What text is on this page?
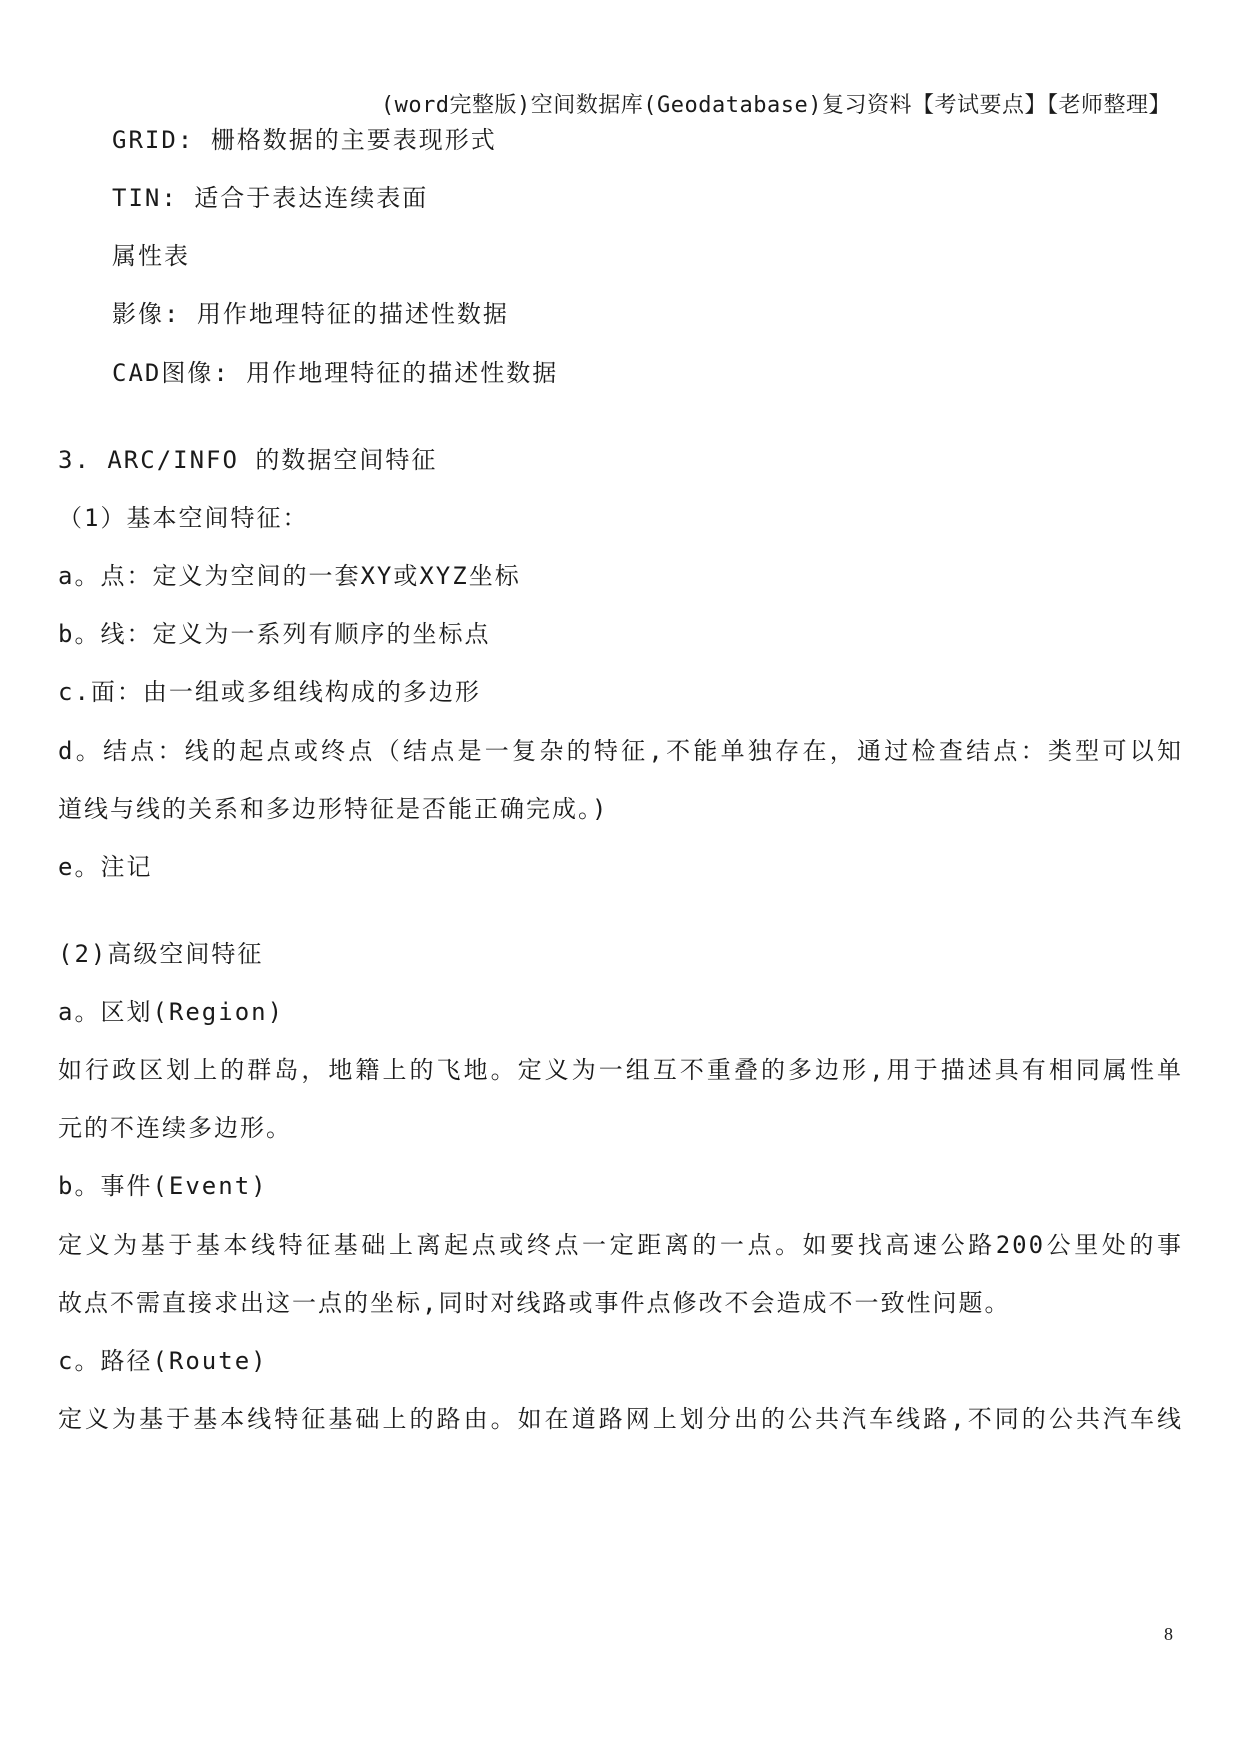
(word完整版)空间数据库(Geodatabase)复习资料【考试要点】【老师整理】
GRID: 栅格数据的主要表现形式
TIN: 适合于表达连续表面
属性表
影像: 用作地理特征的描述性数据
CAD图像: 用作地理特征的描述性数据
3. ARC/INFO 的数据空间特征
（1）基本空间特征：
a。点：定义为空间的一套XY或XYZ坐标
b。线：定义为一系列有顺序的坐标点
c.面：由一组或多组线构成的多边形
d。结点：线的起点或终点（结点是一复杂的特征,不能单独存在，通过检查结点：类型可以知
道线与线的关系和多边形特征是否能正确完成。)
e。注记
(2)高级空间特征
a。区划(Region)
如行政区划上的群岛，地籍上的飞地。定义为一组互不重叠的多边形,用于描述具有相同属性单
元的不连续多边形。
b。事件(Event)
定义为基于基本线特征基础上离起点或终点一定距离的一点。如要找高速公路200公里处的事
故点不需直接求出这一点的坐标,同时对线路或事件点修改不会造成不一致性问题。
c。路径(Route)
定义为基于基本线特征基础上的路由。如在道路网上划分出的公共汽车线路,不同的公共汽车线
8
